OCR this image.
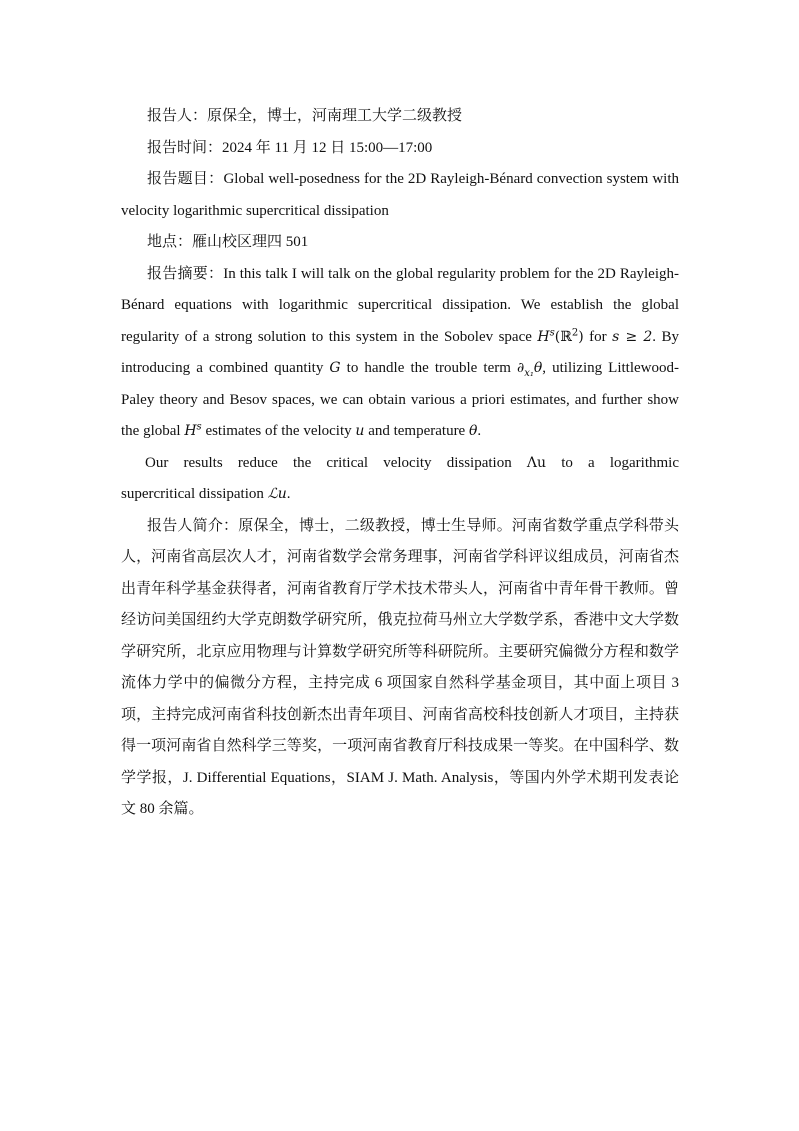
报告人：原保全，博士，河南理工大学二级教授

报告时间：2024 年 11 月 12 日 15:00—17:00

报告题目：Global well-posedness for the 2D Rayleigh-Bénard convection system with velocity logarithmic supercritical dissipation

地点：雁山校区理四 501

报告摘要：In this talk I will talk on the global regularity problem for the 2D Rayleigh-Bénard equations with logarithmic supercritical dissipation. We establish the global regularity of a strong solution to this system in the Sobolev space $H^s(ℝ^2)$ for s ≥ 2. By introducing a combined quantity G to handle the trouble term $\partial_{x_1}\theta$, utilizing Littlewood-Paley theory and Besov spaces, we can obtain various a priori estimates, and further show the global $H^s$ estimates of the velocity u and temperature θ.

Our results reduce the critical velocity dissipation Λu to a logarithmic

supercritical dissipation ℒu.

报告人简介：原保全，博士，二级教授，博士生导师。河南省数学重点学科带头人，河南省高层次人才，河南省数学会常务理事，河南省学科评议组成员，河南省杰出青年科学基金获得者，河南省教育厅学术技术带头人，河南省中青年骨干教师。曾经访问美国纽约大学克朗数学研究所，俄克拉荷马州立大学数学系，香港中文大学数学研究所，北京应用物理与计算数学研究所等科研院所。主要研究偏微分方程和数学流体力学中的偏微分方程，主持完成 6 项国家自然科学基金项目，其中面上项目 3 项，主持完成河南省科技创新杰出青年项目、河南省高校科技创新人才项目，主持获得一项河南省自然科学三等奖，一项河南省教育厅科技成果一等奖。在中国科学、数学学报，J. Differential Equations，SIAM J. Math. Analysis，等国内外学术期刊发表论文 80 余篇。
